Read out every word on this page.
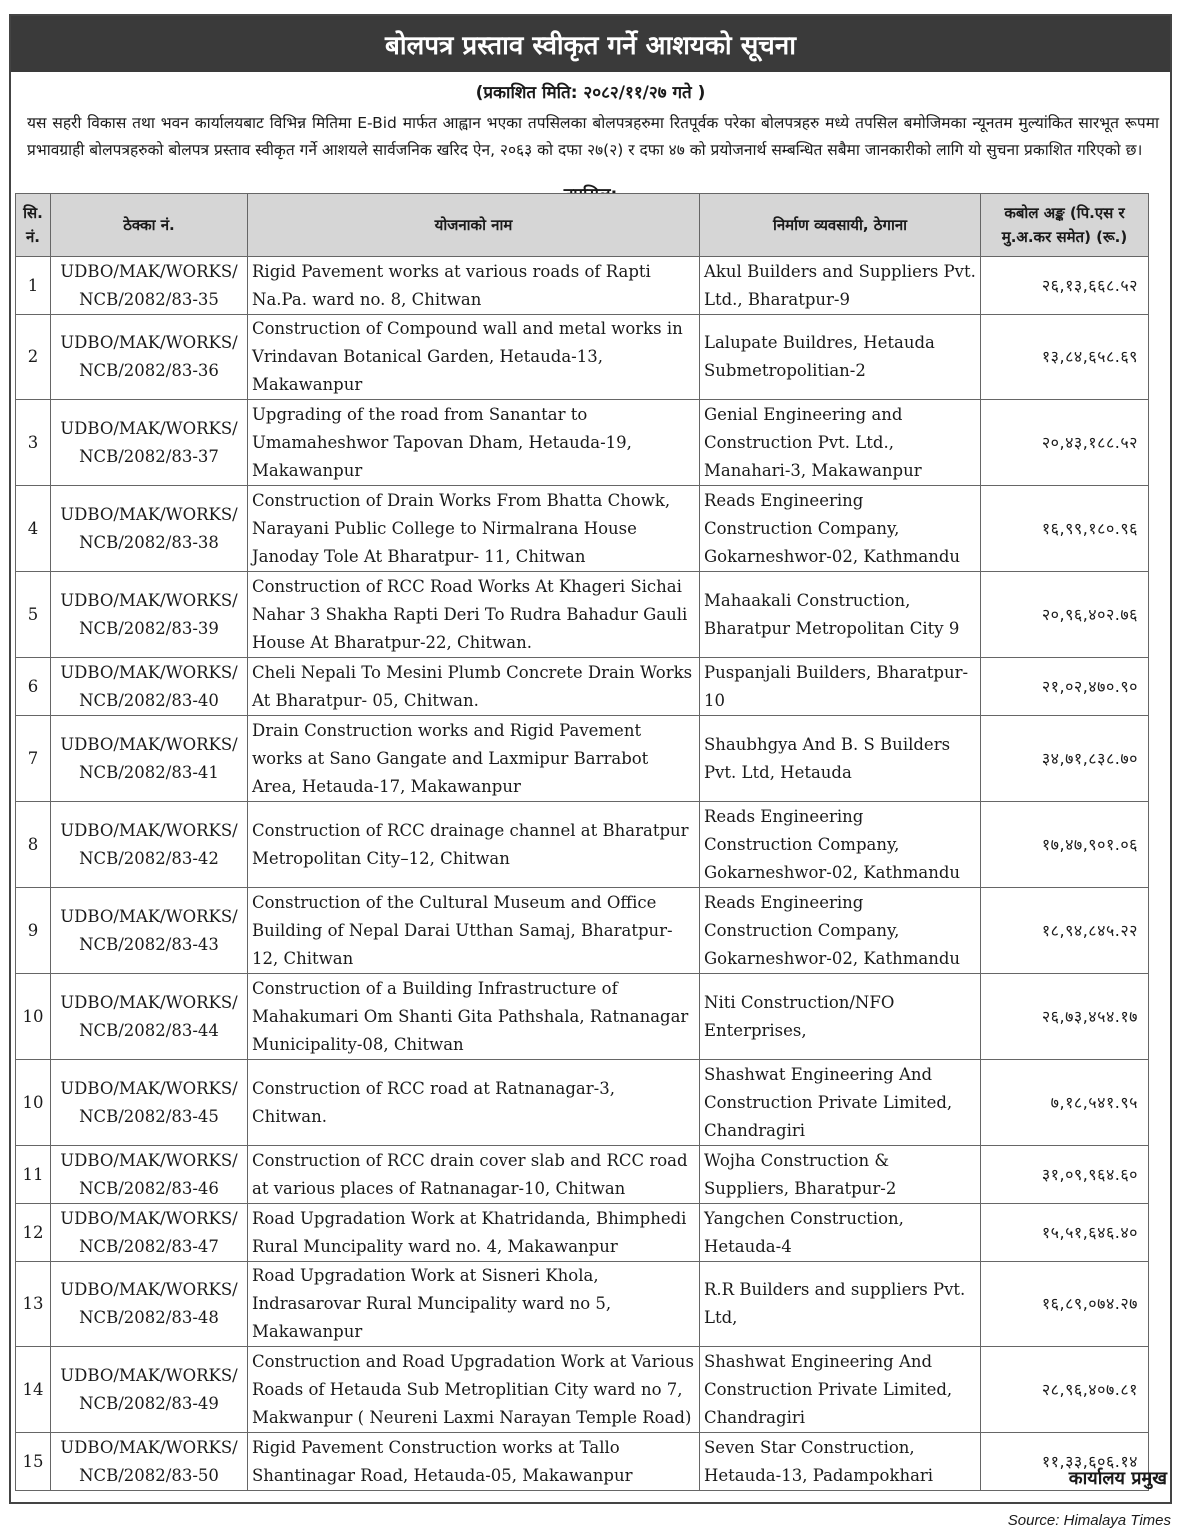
बोलपत्र प्रस्ताव स्वीकृत गर्ने आशयको सूचना
(प्रकाशित मिति: २०८२/११/२७ गते )
यस सहरी विकास तथा भवन कार्यालयबाट विभिन्न मितिमा E-Bid मार्फत आह्वान भएका तपसिलका बोलपत्रहरुमा रितपूर्वक परेका बोलपत्रहरु मध्ये तपसिल बमोजिमका न्यूनतम मुल्यांकित सारभूत रूपमा प्रभावग्राही बोलपत्रहरुको बोलपत्र प्रस्ताव स्वीकृत गर्ने आशयले सार्वजनिक खरिद ऐन, २०६३ को दफा २७(२) र दफा ४७ को प्रयोजनार्थ सम्बन्धित सबैमा जानकारीको लागि यो सुचना प्रकाशित गरिएको छ।
सि. नं.	ठेक्का नं.	योजनाको नाम	निर्माण व्यवसायी, ठेगाना	कबोल अङ्क (पि.एस र मु.अ.कर समेत) (रू.)
1	UDBO/MAK/WORKS/ NCB/2082/83-35	Rigid Pavement works at various roads of Rapti Na.Pa. ward no. 8, Chitwan	Akul Builders and Suppliers Pvt. Ltd., Bharatpur-9	२६,१३,६६८.५२
2	UDBO/MAK/WORKS/ NCB/2082/83-36	Construction of Compound wall and metal works in Vrindavan Botanical Garden, Hetauda-13, Makawanpur	Lalupate Buildres, Hetauda Submetropolitian-2	१३,८४,६५८.६९
3	UDBO/MAK/WORKS/ NCB/2082/83-37	Upgrading of the road from Sanantar to Umamaheshwor Tapovan Dham, Hetauda-19, Makawanpur	Genial Engineering and Construction Pvt. Ltd., Manahari-3, Makawanpur	२०,४३,१८८.५२
4	UDBO/MAK/WORKS/ NCB/2082/83-38	Construction of Drain Works From Bhatta Chowk, Narayani Public College to Nirmalrana House Janoday Tole At Bharatpur- 11, Chitwan	Reads Engineering Construction Company, Gokarneshwor-02, Kathmandu	१६,९९,१८०.९६
5	UDBO/MAK/WORKS/ NCB/2082/83-39	Construction of RCC Road Works At Khageri Sichai Nahar 3 Shakha Rapti Deri To Rudra Bahadur Gauli House At Bharatpur-22, Chitwan.	Mahaakali Construction, Bharatpur Metropolitan City 9	२०,९६,४०२.७६
6	UDBO/MAK/WORKS/ NCB/2082/83-40	Cheli Nepali To Mesini Plumb Concrete Drain Works At Bharatpur- 05, Chitwan.	Puspanjali Builders, Bharatpur-10	२१,०२,४७०.९०
7	UDBO/MAK/WORKS/ NCB/2082/83-41	Drain Construction works and Rigid Pavement works at Sano Gangate and Laxmipur Barrabot Area, Hetauda-17, Makawanpur	Shaubhgya And B. S Builders Pvt. Ltd, Hetauda	३४,७१,८३८.७०
8	UDBO/MAK/WORKS/ NCB/2082/83-42	Construction of RCC drainage channel at Bharatpur Metropolitan City–12, Chitwan	Reads Engineering Construction Company, Gokarneshwor-02, Kathmandu	१७,४७,९०१.०६
9	UDBO/MAK/WORKS/ NCB/2082/83-43	Construction of the Cultural Museum and Office Building of Nepal Darai Utthan Samaj, Bharatpur-12, Chitwan	Reads Engineering Construction Company, Gokarneshwor-02, Kathmandu	१८,९४,८४५.२२
10	UDBO/MAK/WORKS/ NCB/2082/83-44	Construction of a Building Infrastructure of Mahakumari Om Shanti Gita Pathshala, Ratnanagar Municipality-08, Chitwan	Niti Construction/NFO Enterprises,	२६,७३,४५४.१७
10	UDBO/MAK/WORKS/ NCB/2082/83-45	Construction of RCC road at Ratnanagar-3, Chitwan.	Shashwat Engineering And Construction Private Limited, Chandragiri	७,१८,५४१.९५
11	UDBO/MAK/WORKS/ NCB/2082/83-46	Construction of RCC drain cover slab and RCC road at various places of Ratnanagar-10, Chitwan	Wojha Construction & Suppliers, Bharatpur-2	३१,०९,९६४.६०
12	UDBO/MAK/WORKS/ NCB/2082/83-47	Road Upgradation Work at Khatridanda, Bhimphedi Rural Muncipality ward no. 4, Makawanpur	Yangchen Construction, Hetauda-4	१५,५१,६४६.४०
13	UDBO/MAK/WORKS/ NCB/2082/83-48	Road Upgradation Work at Sisneri Khola, Indrasarovar Rural Muncipality ward no 5, Makawanpur	R.R Builders and suppliers Pvt. Ltd,	१६,८९,०७४.२७
14	UDBO/MAK/WORKS/ NCB/2082/83-49	Construction and Road Upgradation Work at Various Roads of Hetauda Sub Metroplitian City ward no 7, Makwanpur ( Neureni Laxmi Narayan Temple Road)	Shashwat Engineering And Construction Private Limited, Chandragiri	२८,९६,४०७.८१
15	UDBO/MAK/WORKS/ NCB/2082/83-50	Rigid Pavement Construction works at Tallo Shantinagar Road, Hetauda-05, Makawanpur	Seven Star Construction, Hetauda-13, Padampokhari	११,३३,६०६.१४
कार्यालय प्रमुख
Source: Himalaya Times
